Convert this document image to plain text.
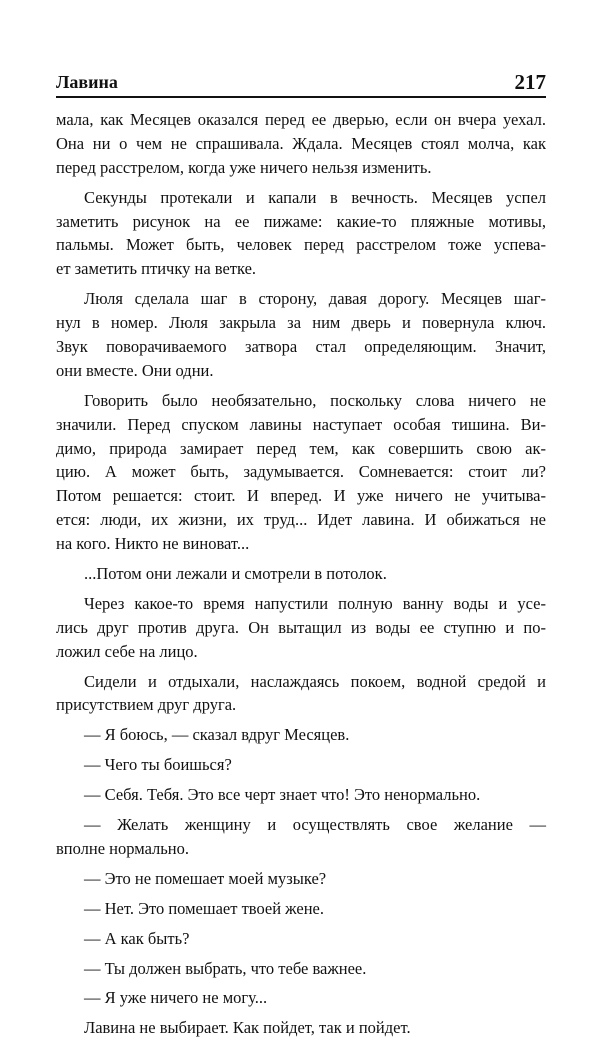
Лавина	217
мала, как Месяцев оказался перед ее дверью, если он вчера уехал.
Она ни о чем не спрашивала. Ждала. Месяцев стоял молча, как
перед расстрелом, когда уже ничего нельзя изменить.
Секунды протекали и капали в вечность. Месяцев успел
заметить рисунок на ее пижаме: какие-то пляжные мотивы,
пальмы. Может быть, человек перед расстрелом тоже успева-
ет заметить птичку на ветке.
Люля сделала шаг в сторону, давая дорогу. Месяцев шаг-
нул в номер. Люля закрыла за ним дверь и повернула ключ.
Звук поворачиваемого затвора стал определяющим. Значит,
они вместе. Они одни.
Говорить было необязательно, поскольку слова ничего не
значили. Перед спуском лавины наступает особая тишина. Ви-
димо, природа замирает перед тем, как совершить свою ак-
цию. А может быть, задумывается. Сомневается: стоит ли?
Потом решается: стоит. И вперед. И уже ничего не учитыва-
ется: люди, их жизни, их труд... Идет лавина. И обижаться не
на кого. Никто не виноват...
...Потом они лежали и смотрели в потолок.
Через какое-то время напустили полную ванну воды и усе-
лись друг против друга. Он вытащил из воды ее ступню и по-
ложил себе на лицо.
Сидели и отдыхали, наслаждаясь покоем, водной средой и
присутствием друг друга.
— Я боюсь, — сказал вдруг Месяцев.
— Чего ты боишься?
— Себя. Тебя. Это все черт знает что! Это ненормально.
— Желать женщину и осуществлять свое желание —
вполне нормально.
— Это не помешает моей музыке?
— Нет. Это помешает твоей жене.
— А как быть?
— Ты должен выбрать, что тебе важнее.
— Я уже ничего не могу...
Лавина не выбирает. Как пойдет, так и пойдет.
